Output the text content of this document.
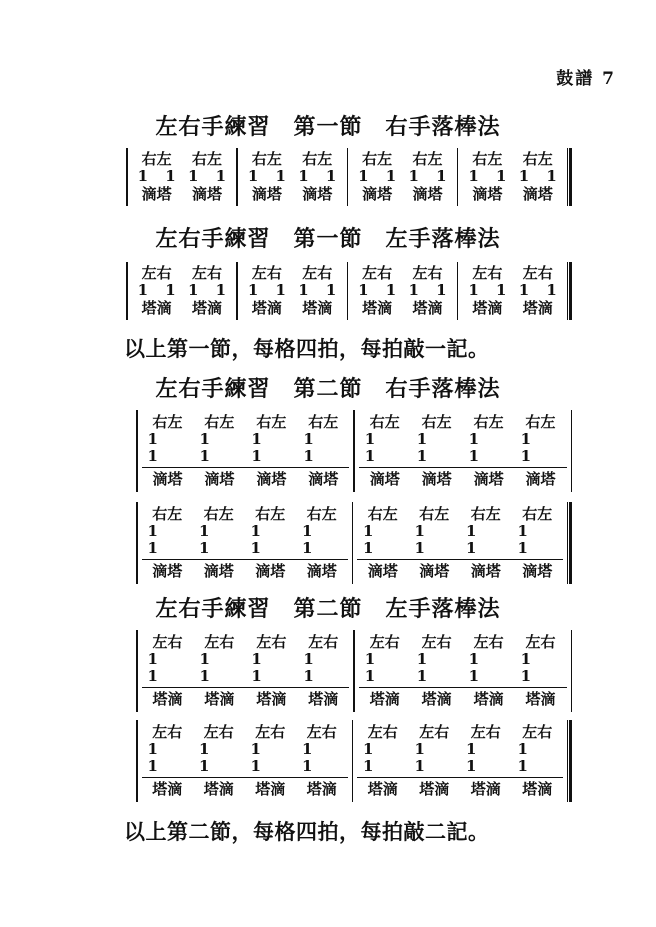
鼓譜 7
左右手練習　第一節　右手落棒法
右左
1 1
滴塔
右左
1 1
滴塔
右左
1 1
滴塔
右左
1 1
滴塔
右左
1 1
滴塔
右左
1 1
滴塔
右左
1 1
滴塔
右左
1 1
滴塔
左右手練習　第一節　左手落棒法
左右
1 1
塔滴
左右
1 1
塔滴
左右
1 1
塔滴
左右
1 1
塔滴
左右
1 1
塔滴
左右
1 1
塔滴
左右
1 1
塔滴
左右
1 1
塔滴
以上第一節，每格四拍，每拍敲一記。
左右手練習　第二節　右手落棒法
右左
1 1
滴塔
右左
1 1
滴塔
右左
1 1
滴塔
右左
1 1
滴塔
右左
1 1
滴塔
右左
1 1
滴塔
右左
1 1
滴塔
右左
1 1
滴塔
右左
1 1
滴塔
右左
1 1
滴塔
右左
1 1
滴塔
右左
1 1
滴塔
右左
1 1
滴塔
右左
1 1
滴塔
右左
1 1
滴塔
右左
1 1
滴塔
左右手練習　第二節　左手落棒法
左右
1 1
塔滴
左右
1 1
塔滴
左右
1 1
塔滴
左右
1 1
塔滴
左右
1 1
塔滴
左右
1 1
塔滴
左右
1 1
塔滴
左右
1 1
塔滴
左右
1 1
塔滴
左右
1 1
塔滴
左右
1 1
塔滴
左右
1 1
塔滴
左右
1 1
塔滴
左右
1 1
塔滴
左右
1 1
塔滴
左右
1 1
塔滴
以上第二節，每格四拍，每拍敲二記。
